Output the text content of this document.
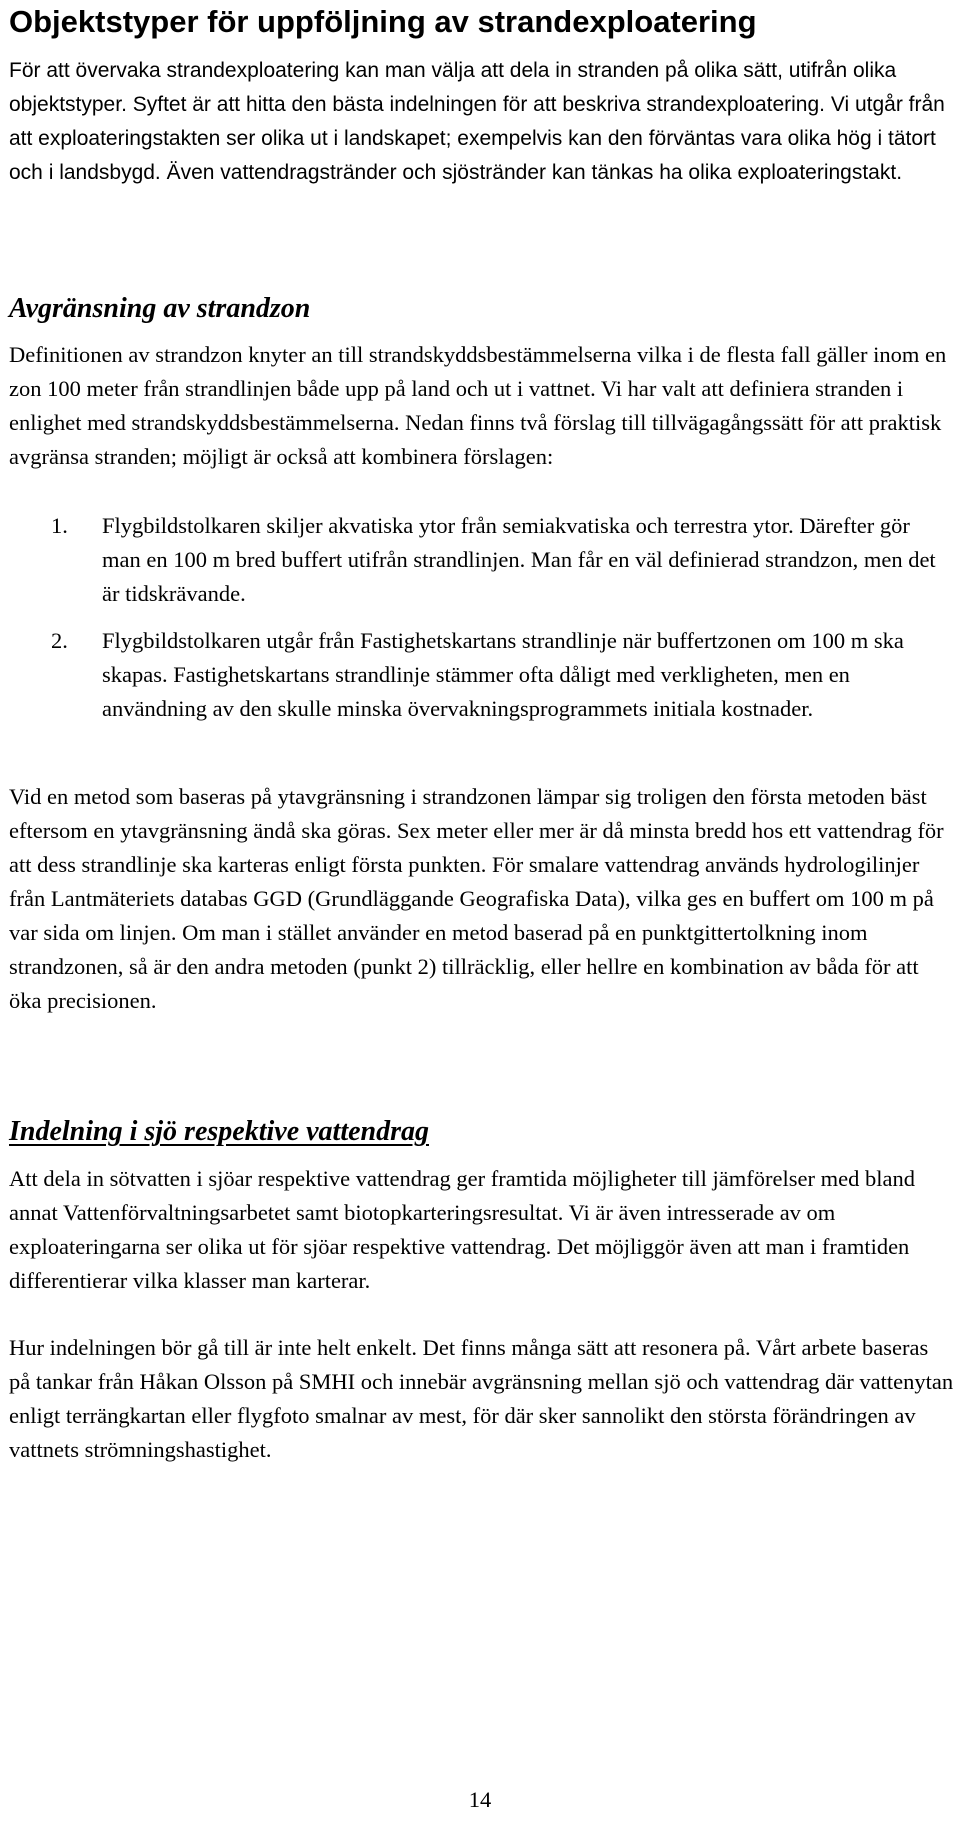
Objektstyper för uppföljning av strandexploatering

För att övervaka strandexploatering kan man välja att dela in stranden på olika sätt, utifrån olika objektstyper. Syftet är att hitta den bästa indelningen för att beskriva strandexploatering. Vi utgår från att exploateringstakten ser olika ut i landskapet; exempelvis kan den förväntas vara olika hög i tätort och i landsbygd. Även vattendragstränder och sjöstränder kan tänkas ha olika exploateringstakt.

Avgränsning av strandzon

Definitionen av strandzon knyter an till strandskyddsbestämmelserna vilka i de flesta fall gäller inom en zon 100 meter från strandlinjen både upp på land och ut i vattnet. Vi har valt att definiera stranden i enlighet med strandskyddsbestämmelserna. Nedan finns två förslag till tillvägagångssätt för att praktisk avgränsa stranden; möjligt är också att kombinera förslagen:

1. Flygbildstolkaren skiljer akvatiska ytor från semiakvatiska och terrestra ytor. Därefter gör man en 100 m bred buffert utifrån strandlinjen. Man får en väl definierad strandzon, men det är tidskrävande.
2. Flygbildstolkaren utgår från Fastighetskartans strandlinje när buffertzonen om 100 m ska skapas. Fastighetskartans strandlinje stämmer ofta dåligt med verkligheten, men en användning av den skulle minska övervakningsprogrammets initiala kostnader.

Vid en metod som baseras på ytavgränsning i strandzonen lämpar sig troligen den första metoden bäst eftersom en ytavgränsning ändå ska göras. Sex meter eller mer är då minsta bredd hos ett vattendrag för att dess strandlinje ska karteras enligt första punkten. För smalare vattendrag används hydrologilinjer från Lantmäteriets databas GGD (Grundläggande Geografiska Data), vilka ges en buffert om 100 m på var sida om linjen. Om man i stället använder en metod baserad på en punktgittertolkning inom strandzonen, så är den andra metoden (punkt 2) tillräcklig, eller hellre en kombination av båda för att öka precisionen.

Indelning i sjö respektive vattendrag

Att dela in sötvatten i sjöar respektive vattendrag ger framtida möjligheter till jämförelser med bland annat Vattenförvaltningsarbetet samt biotopkarteringsresultat. Vi är även intresserade av om exploateringarna ser olika ut för sjöar respektive vattendrag. Det möjliggör även att man i framtiden differentierar vilka klasser man karterar.

Hur indelningen bör gå till är inte helt enkelt. Det finns många sätt att resonera på. Vårt arbete baseras på tankar från Håkan Olsson på SMHI och innebär avgränsning mellan sjö och vattendrag där vattenytan enligt terrängkartan eller flygfoto smalnar av mest, för där sker sannolikt den största förändringen av vattnets strömningshastighet.

14
